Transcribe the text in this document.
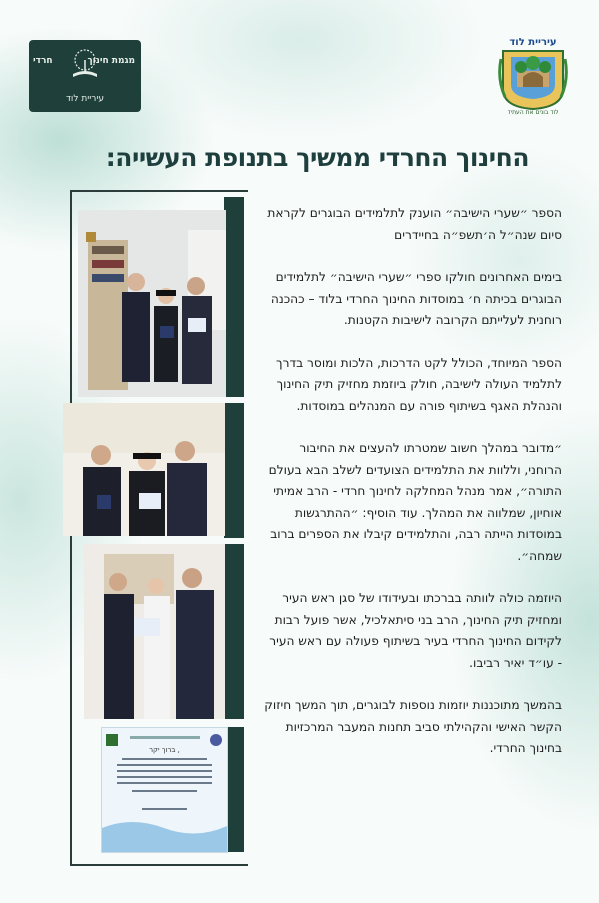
חרדי	מגמת חינוך
עיריית לוד
עיריית לוד
לוד בונים את העתיד
החינוך החרדי ממשיך בתנופת העשייה:
ברוך יקר ,

הספר ״שערי הישיבה״ הוענק לתלמידים הבוגרים לקראת סיום שנה״ל ה׳תשפ״ה בחיידרים

בימים האחרונים חולקו ספרי ״שערי הישיבה״ לתלמידים הבוגרים בכיתה ח׳ במוסדות החינוך החרדי בלוד – כהכנה רוחנית לעלייתם הקרובה לישיבות הקטנות.

הספר המיוחד, הכולל לקט הדרכות, הלכות ומוסר בדרך לתלמיד העולה לישיבה, חולק ביוזמת מחזיק תיק החינוך והנהלת האגף בשיתוף פורה עם המנהלים במוסדות.

״מדובר במהלך חשוב שמטרתו להעצים את החיבור הרוחני, וללוות את התלמידים הצועדים לשלב הבא בעולם התורה״, אמר מנהל המחלקה לחינוך חרדי - הרב אמיתי אוחיון, שמלווה את המהלך. עוד הוסיף: ״ההתרגשות במוסדות הייתה רבה, והתלמידים קיבלו את הספרים ברוב שמחה״.

היוזמה כולה לוותה בברכתו ובעידודו של סגן ראש העיר ומחזיק תיק החינוך, הרב בני סיתאלכיל, אשר פועל רבות לקידום החינוך החרדי בעיר בשיתוף פעולה עם ראש העיר - עו״ד יאיר רביבו.

בהמשך מתוכננות יוזמות נוספות לבוגרים, תוך המשך חיזוק הקשר האישי והקהילתי סביב תחנות המעבר המרכזיות בחינוך החרדי.
